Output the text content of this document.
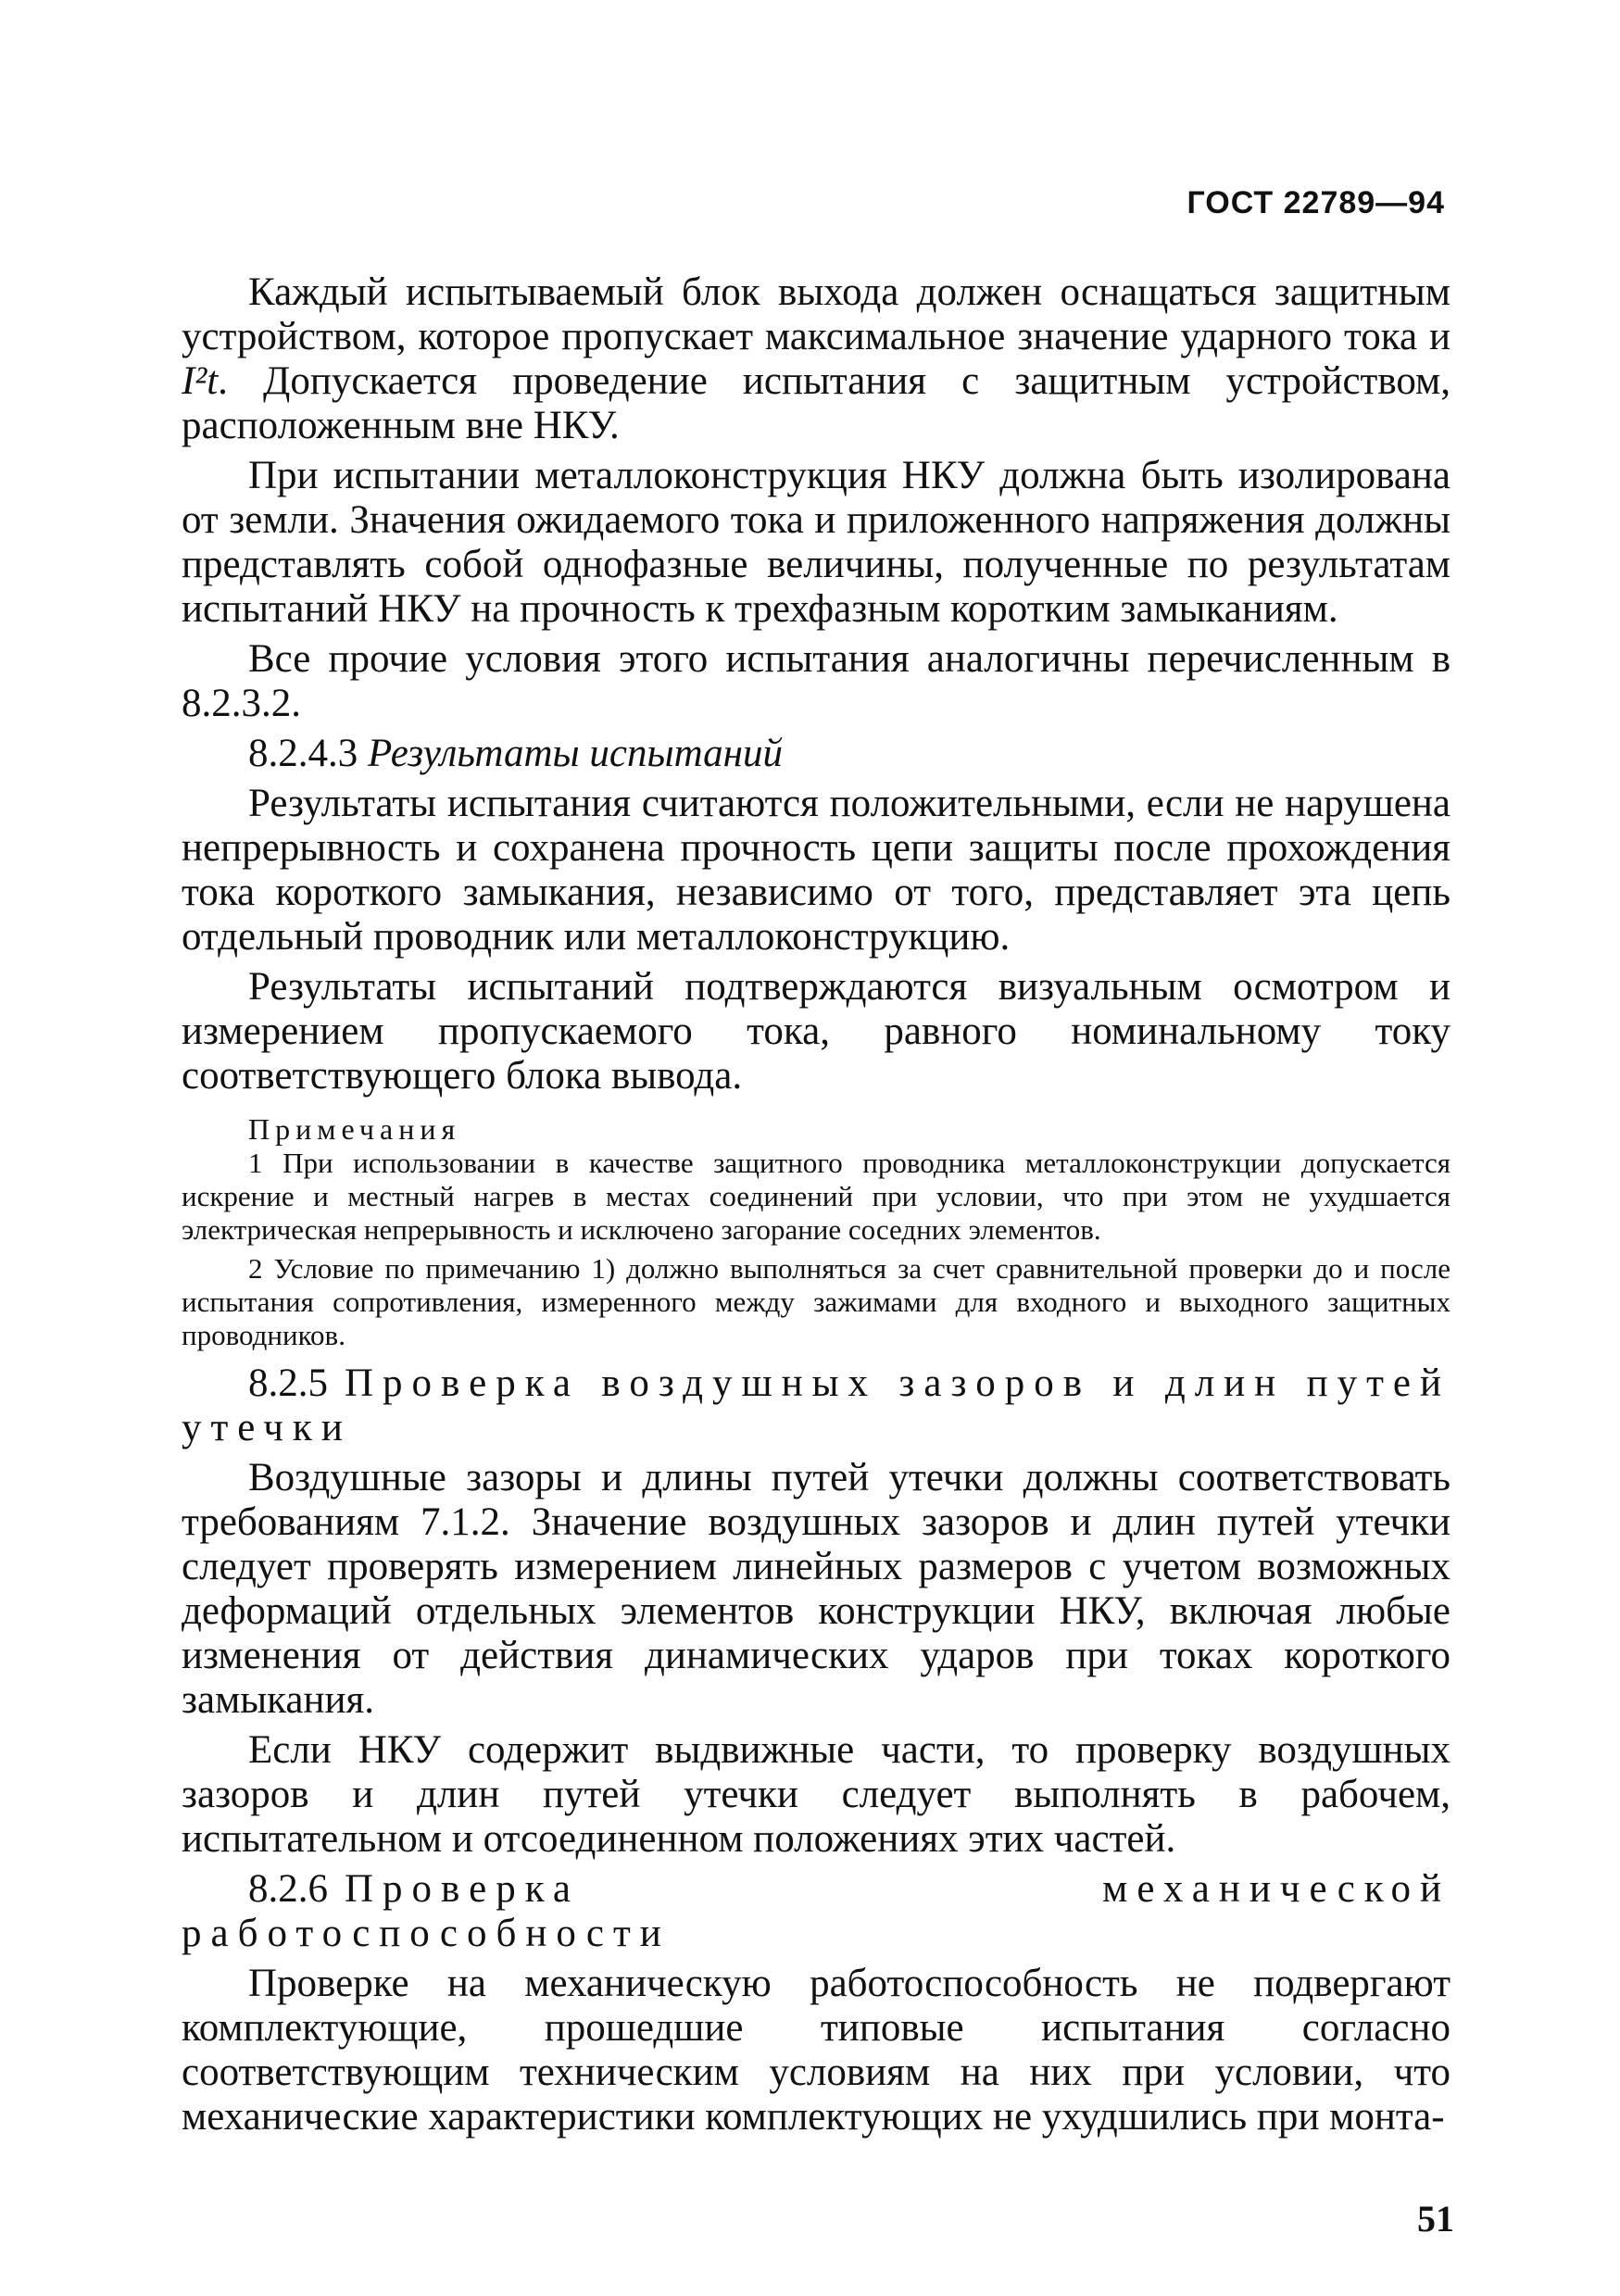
ГОСТ 22789—94

Каждый испытываемый блок выхода должен оснащаться защитным устройством, которое пропускает максимальное значение ударного тока и I²t. Допускается проведение испытания с защитным устройством, расположенным вне НКУ.

При испытании металлоконструкция НКУ должна быть изолирована от земли. Значения ожидаемого тока и приложенного напряжения должны представлять собой однофазные величины, полученные по результатам испытаний НКУ на прочность к трехфазным коротким замыканиям.

Все прочие условия этого испытания аналогичны перечисленным в 8.2.3.2.

8.2.4.3 Результаты испытаний

Результаты испытания считаются положительными, если не нарушена непрерывность и сохранена прочность цепи защиты после прохождения тока короткого замыкания, независимо от того, представляет эта цепь отдельный проводник или металлоконструкцию.

Результаты испытаний подтверждаются визуальным осмотром и измерением пропускаемого тока, равного номинальному току соответствующего блока вывода.

Примечания

1 При использовании в качестве защитного проводника металлоконструкции допускается искрение и местный нагрев в местах соединений при условии, что при этом не ухудшается электрическая непрерывность и исключено загорание соседних элементов.

2 Условие по примечанию 1) должно выполняться за счет сравнительной проверки до и после испытания сопротивления, измеренного между зажимами для входного и выходного защитных проводников.

8.2.5 Проверка воздушных зазоров и длин путей утечки

Воздушные зазоры и длины путей утечки должны соответствовать требованиям 7.1.2. Значение воздушных зазоров и длин путей утечки следует проверять измерением линейных размеров с учетом возможных деформаций отдельных элементов конструкции НКУ, включая любые изменения от действия динамических ударов при токах короткого замыкания.

Если НКУ содержит выдвижные части, то проверку воздушных зазоров и длин путей утечки следует выполнять в рабочем, испытательном и отсоединенном положениях этих частей.

8.2.6 Проверка механической работоспособности

Проверке на механическую работоспособность не подвергают комплектующие, прошедшие типовые испытания согласно соответствующим техническим условиям на них при условии, что механические характеристики комплектующих не ухудшились при монта-

51
